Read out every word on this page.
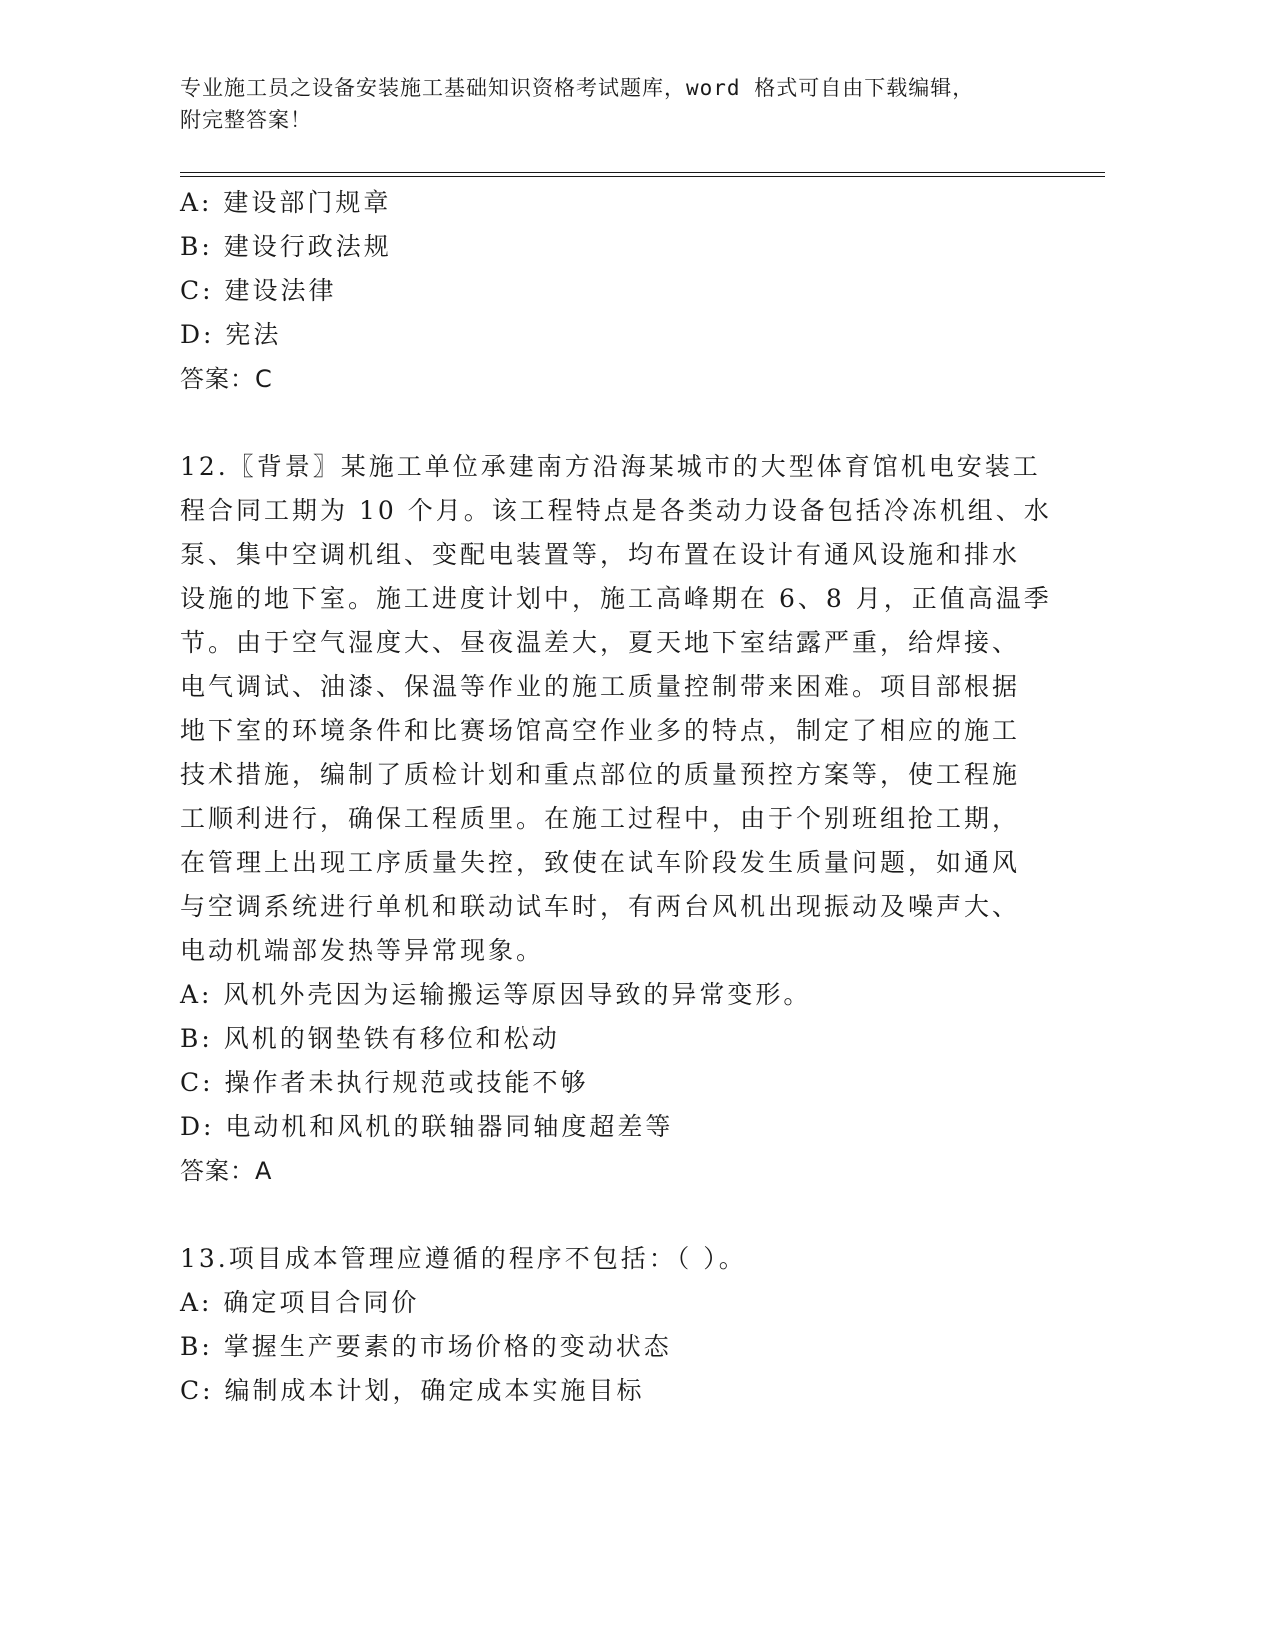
专业施工员之设备安装施工基础知识资格考试题库，word 格式可自由下载编辑，
附完整答案！
A: 建设部门规章
B: 建设行政法规
C: 建设法律
D: 宪法
答案：C
12.〖背景〗某施工单位承建南方沿海某城市的大型体育馆机电安装工
程合同工期为 10 个月。该工程特点是各类动力设备包括冷冻机组、水
泵、集中空调机组、变配电装置等，均布置在设计有通风设施和排水
设施的地下室。施工进度计划中，施工高峰期在 6、8 月，正值高温季
节。由于空气湿度大、昼夜温差大，夏天地下室结露严重，给焊接、
电气调试、油漆、保温等作业的施工质量控制带来困难。项目部根据
地下室的环境条件和比赛场馆高空作业多的特点，制定了相应的施工
技术措施，编制了质检计划和重点部位的质量预控方案等，使工程施
工顺利进行，确保工程质里。在施工过程中，由于个别班组抢工期，
在管理上出现工序质量失控，致使在试车阶段发生质量问题，如通风
与空调系统进行单机和联动试车时，有两台风机出现振动及噪声大、
电动机端部发热等异常现象。
A: 风机外壳因为运输搬运等原因导致的异常变形。
B: 风机的钢垫铁有移位和松动
C: 操作者未执行规范或技能不够
D: 电动机和风机的联轴器同轴度超差等
答案：A
13.项目成本管理应遵循的程序不包括：（ ）。
A: 确定项目合同价
B: 掌握生产要素的市场价格的变动状态
C: 编制成本计划，确定成本实施目标
